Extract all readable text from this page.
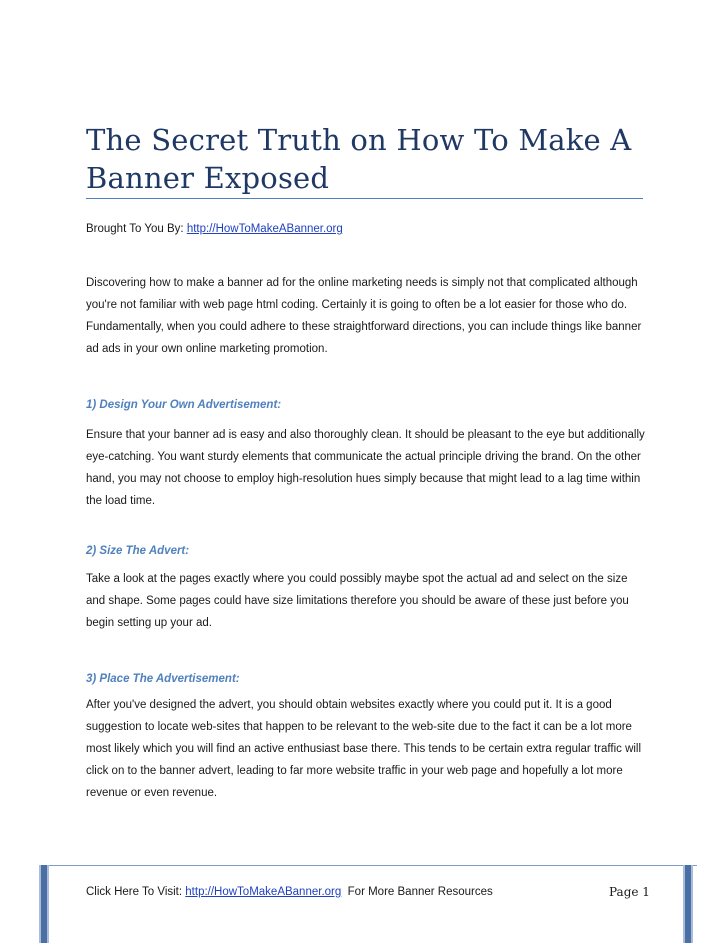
The Secret Truth on How To Make A Banner Exposed
Brought To You By: http://HowToMakeABanner.org

Discovering how to make a banner ad for the online marketing needs is simply not that complicated although you're not familiar with web page html coding. Certainly it is going to often be a lot easier for those who do. Fundamentally, when you could adhere to these straightforward directions, you can include things like banner ad ads in your own online marketing promotion.

1) Design Your Own Advertisement:

Ensure that your banner ad is easy and also thoroughly clean. It should be pleasant to the eye but additionally eye-catching. You want sturdy elements that communicate the actual principle driving the brand. On the other hand, you may not choose to employ high-resolution hues simply because that might lead to a lag time within the load time.

2) Size The Advert:

Take a look at the pages exactly where you could possibly maybe spot the actual ad and select on the size and shape. Some pages could have size limitations therefore you should be aware of these just before you begin setting up your ad.

3) Place The Advertisement:

After you've designed the advert, you should obtain websites exactly where you could put it. It is a good suggestion to locate web-sites that happen to be relevant to the web-site due to the fact it can be a lot more most likely which you will find an active enthusiast base there. This tends to be certain extra regular traffic will click on to the banner advert, leading to far more website traffic in your web page and hopefully a lot more revenue or even revenue.

Click Here To Visit: http://HowToMakeABanner.org  For More Banner Resources	Page 1
